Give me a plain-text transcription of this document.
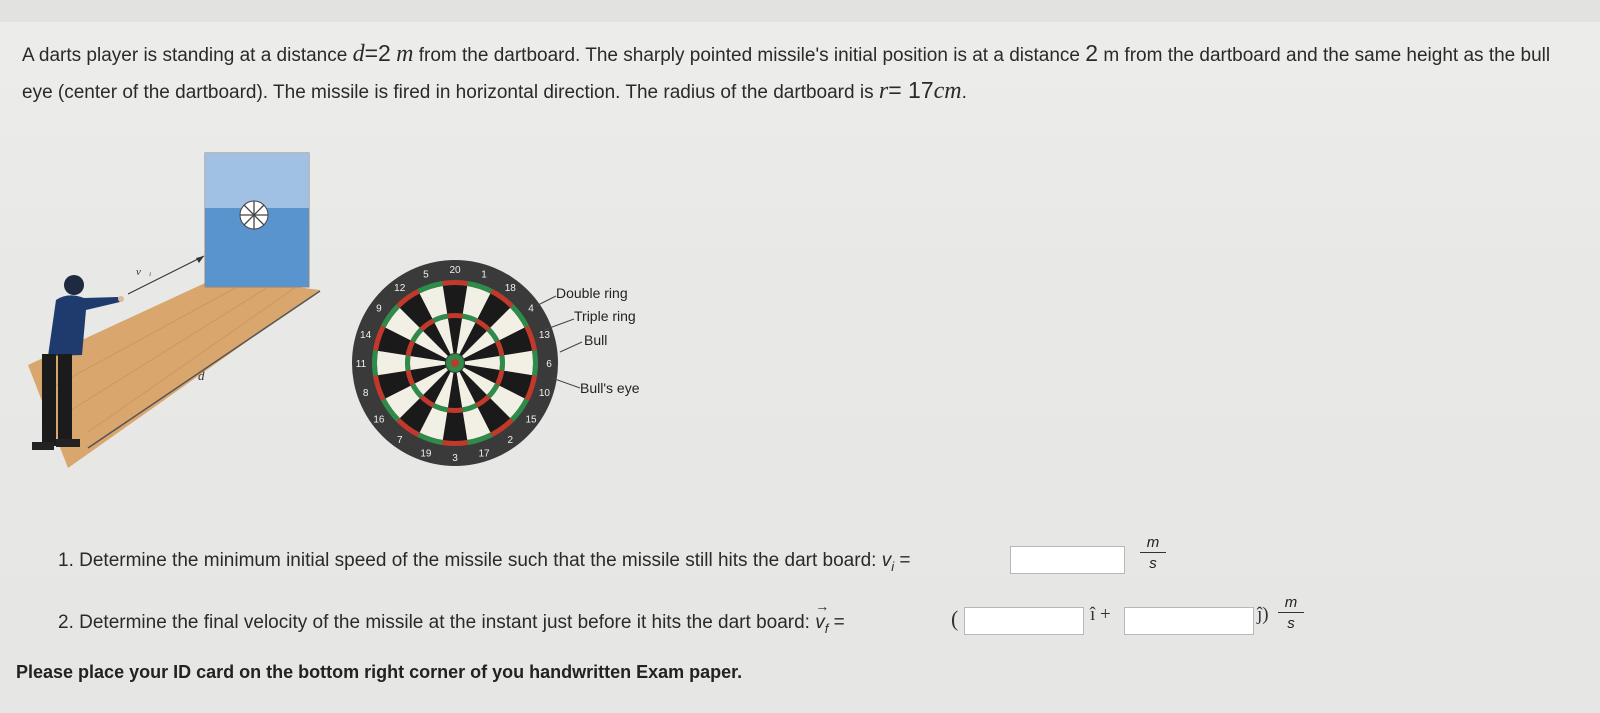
A darts player is standing at a distance d=2 m from the dartboard. The sharply pointed missile's initial position is at a distance 2 m from the dartboard and the same height as the bull eye (center of the dartboard). The missile is fired in horizontal direction. The radius of the dartboard is r= 17cm.
v⃗ᵢ
d
20 1
18
4
13
6
10
15
2
17
3
19
7
16
8
11
14
9
12
5
Double ring
Triple ring
Bull
Bull's eye
1. Determine the minimum initial speed of the missile such that the missile still hits the dart board: $v_i$ =	$\frac{m}{s}$
2. Determine the final velocity of the missile at the instant just before it hits the dart board:
→
$v_f$ =	(	î +	ĵ) $\frac{m}{s}$
Please place your ID card on the bottom right corner of you handwritten Exam paper.
